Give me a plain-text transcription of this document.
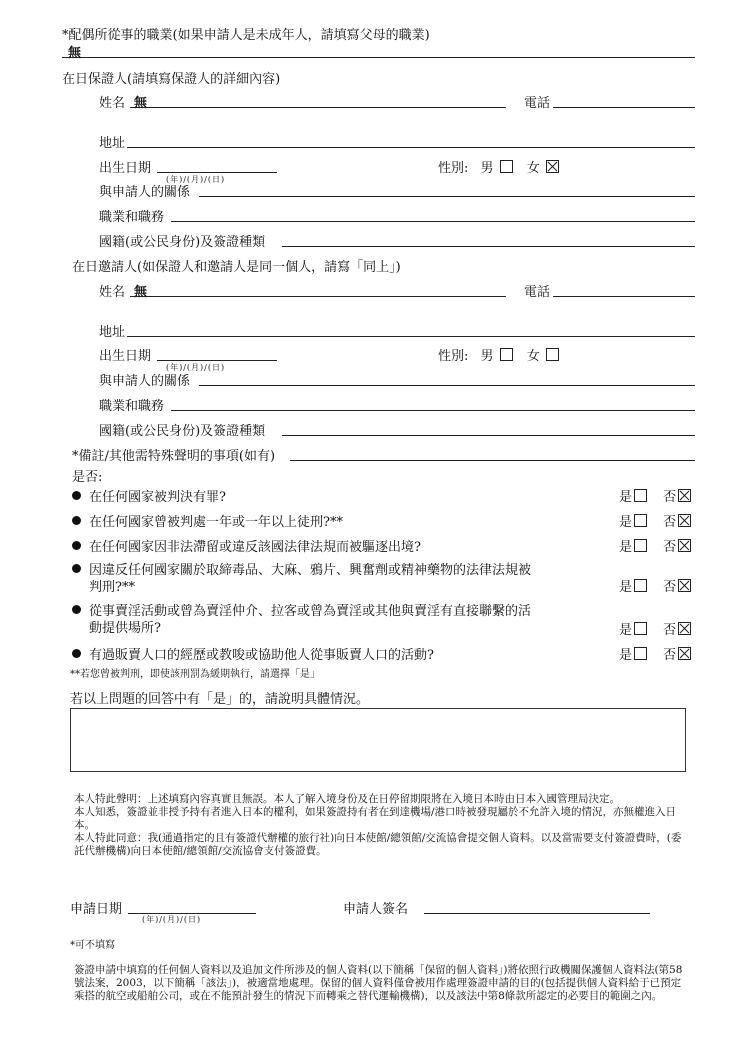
*配偶所從事的職業(如果申請人是未成年人，請填寫父母的職業)
無
在日保證人(請填寫保證人的詳細內容)
姓名 無	電話
地址
出生日期
(年)/(月)/(日)
性別: 男	女
與申請人的關係
職業和職務
國籍(或公民身份)及簽證種類
在日邀請人(如保證人和邀請人是同一個人，請寫「同上」)
姓名 無	電話
地址
出生日期
(年)/(月)/(日)
性別: 男	女
與申請人的關係
職業和職務
國籍(或公民身份)及簽證種類
*備註/其他需特殊聲明的事項(如有)
是否:
在任何國家被判決有罪?	是 否
在任何國家曾被判處一年或一年以上徒刑?**	是 否
在任何國家因非法滯留或違反該國法律法規而被驅逐出境?	是 否
因違反任何國家關於取締毒品、大麻、鴉片、興奮劑或精神藥物的法律法規被
判刑?**	是 否
從事賣淫活動或曾為賣淫仲介、拉客或曾為賣淫或其他與賣淫有直接聯繫的活
動提供場所?	是 否
有過販賣人口的經歷或教唆或協助他人從事販賣人口的活動?	是 否
**若您曾被判刑，即使該刑罰為緩期執行，請選擇「是」
若以上問題的回答中有「是」的，請說明具體情況。
本人特此聲明：上述填寫內容真實且無誤。本人了解入境身份及在日停留期限將在入境日本時由日本入國管理局決定。
本人知悉，簽證並非授予持有者進入日本的權利，如果簽證持有者在到達機場/港口時被發現屬於不允許入境的情況，亦無權進入日本。
本人特此同意：我(通過指定的且有簽證代辦權的旅行社)向日本使館/總領館/交流協會提交個人資料。以及當需要支付簽證費時，(委託代辦機構)向日本使館/總領館/交流協會支付簽證費。
申請日期
(年)/(月)/(日)
申請人簽名
*可不填寫
簽證申請中填寫的任何個人資料以及追加文件所涉及的個人資料(以下簡稱「保留的個人資料」)將依照行政機關保護個人資料法(第58號法案，2003，以下簡稱「該法」)，被適當地處理。保留的個人資料僅會被用作處理簽證申請的目的(包括提供個人資料給于已預定乘搭的航空或船舶公司，或在不能預計發生的情況下而轉乘之替代運輸機構)，以及該法中第8條款所認定的必要目的範圍之內。
